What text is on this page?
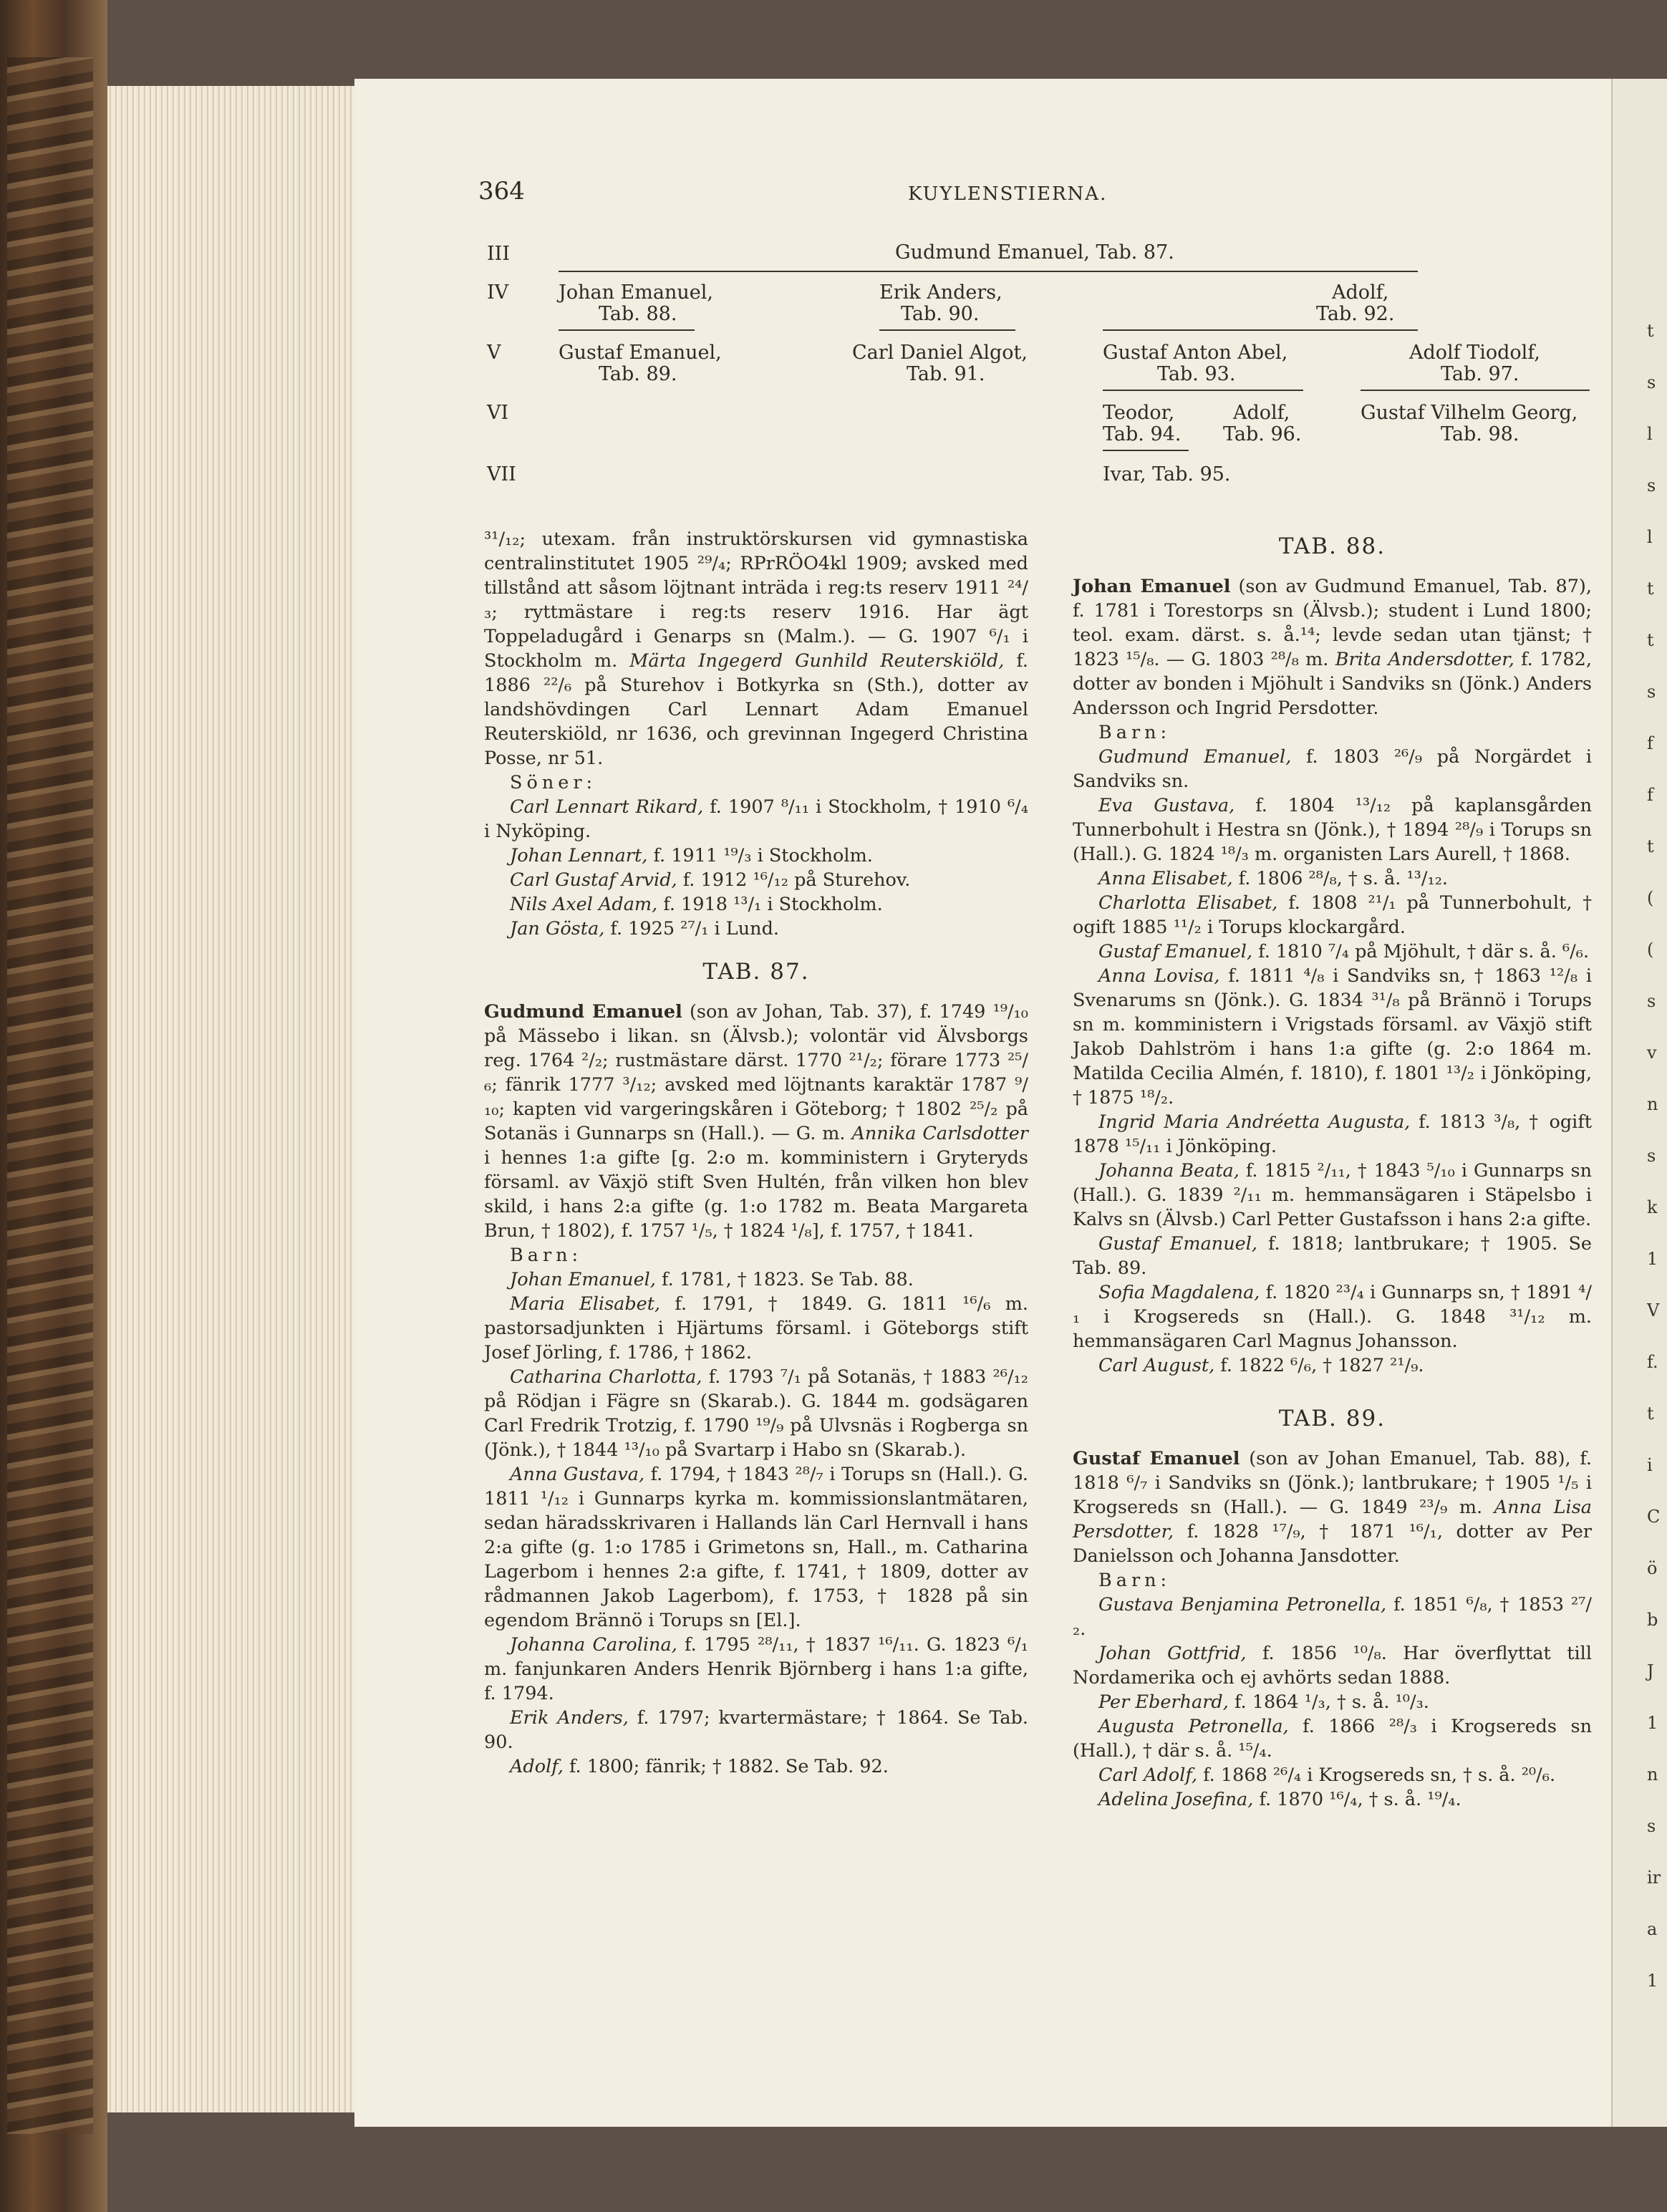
364	KUYLENSTIERNA.
III
IV
V
VI
VII
Gudmund Emanuel, Tab. 87.
Johan Emanuel,
Tab. 88.
Erik Anders,
Tab. 90.
Adolf,
Tab. 92.
Gustaf Emanuel,
Tab. 89.
Carl Daniel Algot,
Tab. 91.
Gustaf Anton Abel,
Tab. 93.
Adolf Tiodolf,
Tab. 97.
Teodor,
Tab. 94.
Adolf,
Tab. 96.
Gustaf Vilhelm Georg,
Tab. 98.
Ivar, Tab. 95.

³¹/₁₂; utexam. från instruktörskursen vid gymnastiska centralinstitutet 1905 ²⁹/₄; RPrRÖO4kl 1909; avsked med tillstånd att såsom löjtnant inträda i reg:ts reserv 1911 ²⁴/₃; ryttmästare i reg:ts reserv 1916. Har ägt Toppeladugård i Genarps sn (Malm.). — G. 1907 ⁶/₁ i Stockholm m. Märta Ingegerd Gunhild Reuterskiöld, f. 1886 ²²/₆ på Sturehov i Botkyrka sn (Sth.), dotter av landshövdingen Carl Lennart Adam Emanuel Reuterskiöld, nr 1636, och grevinnan Ingegerd Christina Posse, nr 51.

Söner:

Carl Lennart Rikard, f. 1907 ⁸/₁₁ i Stockholm, † 1910 ⁶/₄ i Nyköping.

Johan Lennart, f. 1911 ¹⁹/₃ i Stockholm.

Carl Gustaf Arvid, f. 1912 ¹⁶/₁₂ på Sturehov.

Nils Axel Adam, f. 1918 ¹³/₁ i Stockholm.

Jan Gösta, f. 1925 ²⁷/₁ i Lund.

TAB. 87.

Gudmund Emanuel (son av Johan, Tab. 37), f. 1749 ¹⁹/₁₀ på Mässebo i likan. sn (Älvsb.); volontär vid Älvsborgs reg. 1764 ²/₂; rustmästare därst. 1770 ²¹/₂; förare 1773 ²⁵/₆; fänrik 1777 ³/₁₂; avsked med löjtnants karaktär 1787 ⁹/₁₀; kapten vid vargeringskåren i Göteborg; † 1802 ²⁵/₂ på Sotanäs i Gunnarps sn (Hall.). — G. m. Annika Carlsdotter i hennes 1:a gifte [g. 2:o m. komministern i Gryteryds församl. av Växjö stift Sven Hultén, från vilken hon blev skild, i hans 2:a gifte (g. 1:o 1782 m. Beata Margareta Brun, † 1802), f. 1757 ¹/₅, † 1824 ¹/₈], f. 1757, † 1841.

Barn:

Johan Emanuel, f. 1781, † 1823. Se Tab. 88.

Maria Elisabet, f. 1791, † 1849. G. 1811 ¹⁶/₆ m. pastorsadjunkten i Hjärtums församl. i Göteborgs stift Josef Jörling, f. 1786, † 1862.

Catharina Charlotta, f. 1793 ⁷/₁ på Sotanäs, † 1883 ²⁶/₁₂ på Rödjan i Fägre sn (Skarab.). G. 1844 m. godsägaren Carl Fredrik Trotzig, f. 1790 ¹⁹/₉ på Ulvsnäs i Rogberga sn (Jönk.), † 1844 ¹³/₁₀ på Svartarp i Habo sn (Skarab.).

Anna Gustava, f. 1794, † 1843 ²⁸/₇ i Torups sn (Hall.). G. 1811 ¹/₁₂ i Gunnarps kyrka m. kommissionslantmätaren, sedan häradsskrivaren i Hallands län Carl Hernvall i hans 2:a gifte (g. 1:o 1785 i Grimetons sn, Hall., m. Catharina Lagerbom i hennes 2:a gifte, f. 1741, † 1809, dotter av rådmannen Jakob Lagerbom), f. 1753, † 1828 på sin egendom Brännö i Torups sn [El.].

Johanna Carolina, f. 1795 ²⁸/₁₁, † 1837 ¹⁶/₁₁. G. 1823 ⁶/₁ m. fanjunkaren Anders Henrik Björnberg i hans 1:a gifte, f. 1794.

Erik Anders, f. 1797; kvartermästare; † 1864. Se Tab. 90.

Adolf, f. 1800; fänrik; † 1882. Se Tab. 92.

TAB. 88.

Johan Emanuel (son av Gudmund Emanuel, Tab. 87), f. 1781 i Torestorps sn (Älvsb.); student i Lund 1800; teol. exam. därst. s. å.¹⁴; levde sedan utan tjänst; † 1823 ¹⁵/₈. — G. 1803 ²⁸/₈ m. Brita Andersdotter, f. 1782, dotter av bonden i Mjöhult i Sandviks sn (Jönk.) Anders Andersson och Ingrid Persdotter.

Barn:

Gudmund Emanuel, f. 1803 ²⁶/₉ på Norgärdet i Sandviks sn.

Eva Gustava, f. 1804 ¹³/₁₂ på kaplansgården Tunnerbohult i Hestra sn (Jönk.), † 1894 ²⁸/₉ i Torups sn (Hall.). G. 1824 ¹⁸/₃ m. organisten Lars Aurell, † 1868.

Anna Elisabet, f. 1806 ²⁸/₈, † s. å. ¹³/₁₂.

Charlotta Elisabet, f. 1808 ²¹/₁ på Tunnerbohult, † ogift 1885 ¹¹/₂ i Torups klockargård.

Gustaf Emanuel, f. 1810 ⁷/₄ på Mjöhult, † där s. å. ⁶/₆.

Anna Lovisa, f. 1811 ⁴/₈ i Sandviks sn, † 1863 ¹²/₈ i Svenarums sn (Jönk.). G. 1834 ³¹/₈ på Brännö i Torups sn m. komministern i Vrigstads församl. av Växjö stift Jakob Dahlström i hans 1:a gifte (g. 2:o 1864 m. Matilda Cecilia Almén, f. 1810), f. 1801 ¹³/₂ i Jönköping, † 1875 ¹⁸/₂.

Ingrid Maria Andréetta Augusta, f. 1813 ³/₈, † ogift 1878 ¹⁵/₁₁ i Jönköping.

Johanna Beata, f. 1815 ²/₁₁, † 1843 ⁵/₁₀ i Gunnarps sn (Hall.). G. 1839 ²/₁₁ m. hemmansägaren i Stäpelsbo i Kalvs sn (Älvsb.) Carl Petter Gustafsson i hans 2:a gifte.

Gustaf Emanuel, f. 1818; lantbrukare; † 1905. Se Tab. 89.

Sofia Magdalena, f. 1820 ²³/₄ i Gunnarps sn, † 1891 ⁴/₁ i Krogsereds sn (Hall.). G. 1848 ³¹/₁₂ m. hemmansägaren Carl Magnus Johansson.

Carl August, f. 1822 ⁶/₆, † 1827 ²¹/₉.

TAB. 89.

Gustaf Emanuel (son av Johan Emanuel, Tab. 88), f. 1818 ⁶/₇ i Sandviks sn (Jönk.); lantbrukare; † 1905 ¹/₅ i Krogsereds sn (Hall.). — G. 1849 ²³/₉ m. Anna Lisa Persdotter, f. 1828 ¹⁷/₉, † 1871 ¹⁶/₁, dotter av Per Danielsson och Johanna Jansdotter.

Barn:

Gustava Benjamina Petronella, f. 1851 ⁶/₈, † 1853 ²⁷/₂.

Johan Gottfrid, f. 1856 ¹⁰/₈. Har överflyttat till Nordamerika och ej avhörts sedan 1888.

Per Eberhard, f. 1864 ¹/₃, † s. å. ¹⁰/₃.

Augusta Petronella, f. 1866 ²⁸/₃ i Krogsereds sn (Hall.), † där s. å. ¹⁵/₄.

Carl Adolf, f. 1868 ²⁶/₄ i Krogsereds sn, † s. å. ²⁰/₆.

Adelina Josefina, f. 1870 ¹⁶/₄, † s. å. ¹⁹/₄.

t
s
l
s
l
t
t
s
f
f
t
(
(
s
v
n
s
k
1
V
f.
t
i
C
ö
b
J
1
n
s
ir
a
1
